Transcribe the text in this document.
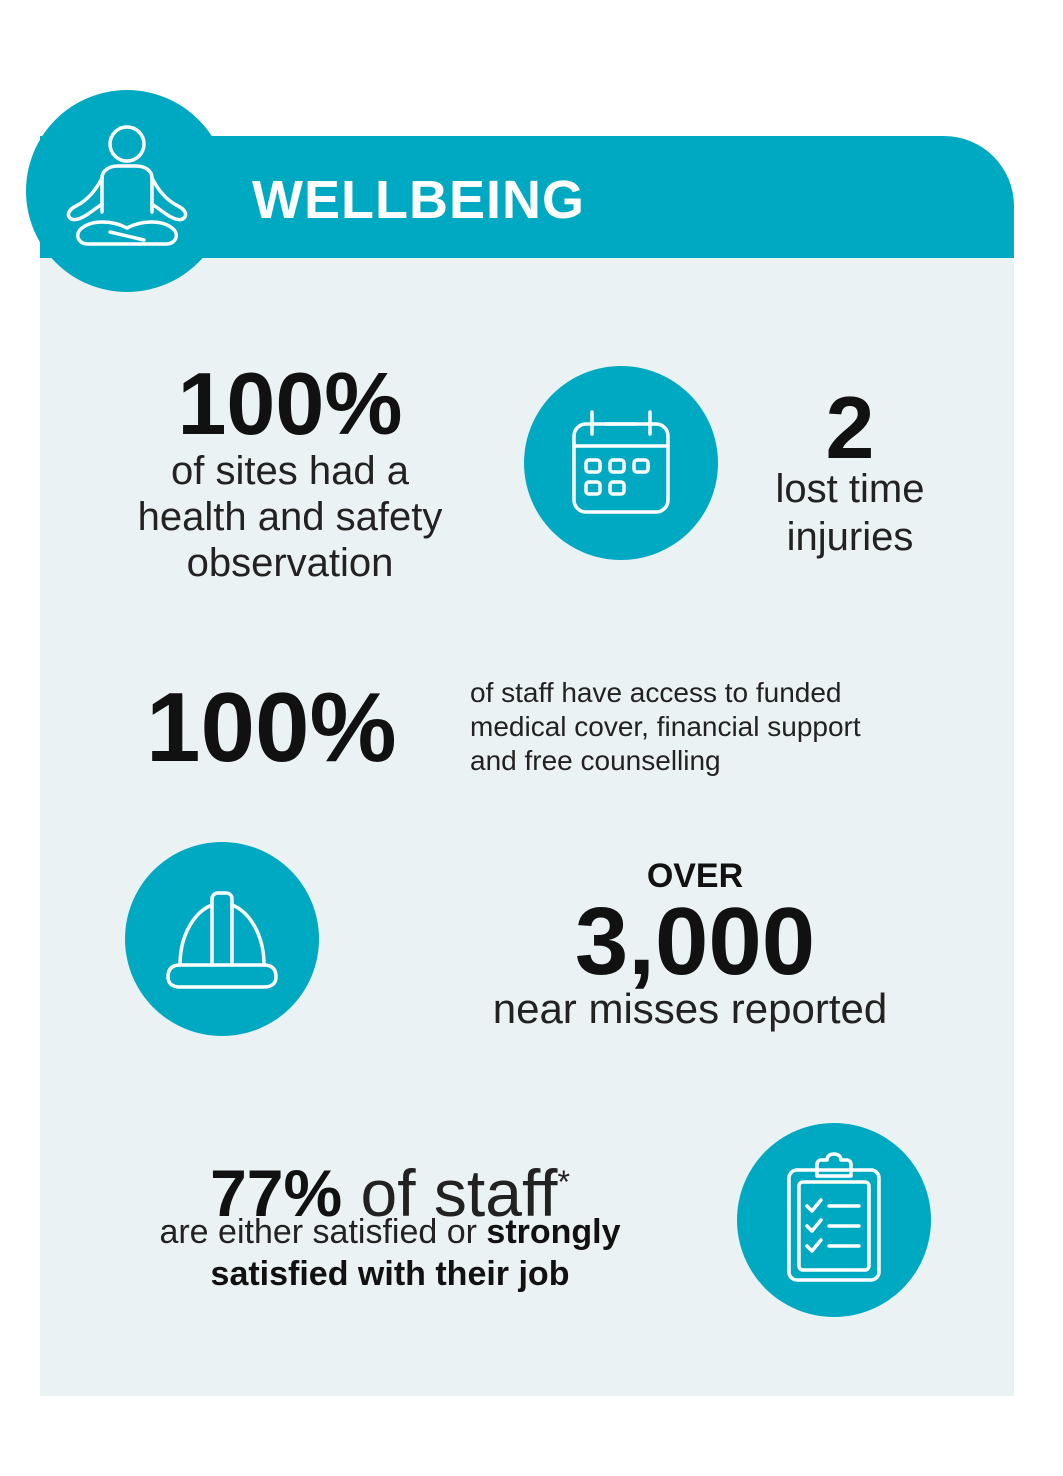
WELLBEING

100%

of sites had a

health and safety

observation

2

lost time

injuries

100%	of staff have access to funded

medical cover, financial support

and free counselling

OVER

3,000

near misses reported

77% of staff*
are either satisfied or strongly

satisfied with their job
